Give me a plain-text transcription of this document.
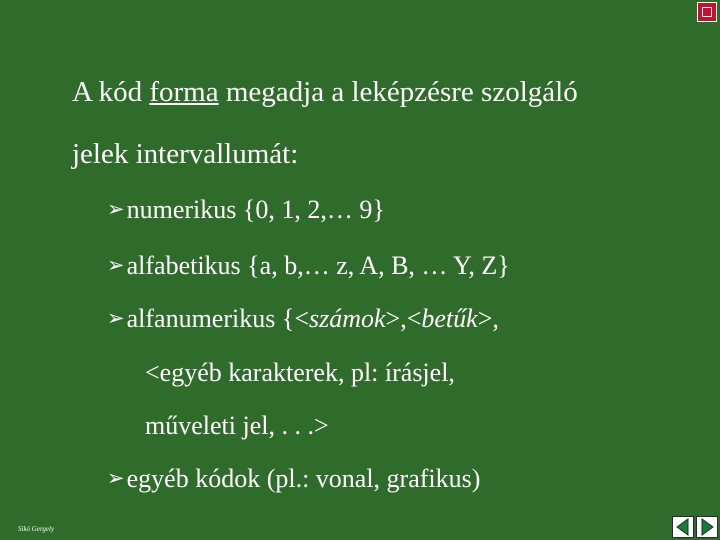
A kód forma megadja a leképzésre szolgáló
jelek intervallumát:
➢numerikus {0, 1, 2,… 9}
➢alfabetikus {a, b,… z, A, B, … Y, Z}
➢alfanumerikus {<számok>,<betűk>,
<egyéb karakterek, pl: írásjel,
műveleti jel, . . .>
➢egyéb kódok (pl.: vonal, grafikus)
Sikó Gergely
